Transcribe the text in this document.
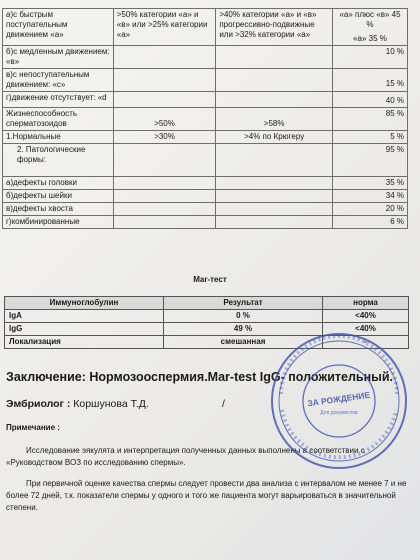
а)с быстрым поступательным движением «а»	>50% категории «а» и «в» или >25% категории «а»	>40% категории «а» и «в» прогрессивно-подвижные или >32% категории «а»	«а» плюс «в» 45 %
«а» 35 %

б)с медленным движением: «в»			10 %
в)с непоступательным движением: «с»			15 %
г)движение отсутствует: «d			40 %
Жизнеспособность сперматозоидов	>50%	>58%	85 %
1.Нормальные	>30%	>4% по Крюгеру	5 %
2. Патологические формы:			95 %
а)дефекты головки			35 %
б)дефекты шейки			34 %
в)дефекты хвоста			20 %
г)комбинированные			6 %
Mar-тест
Иммуноглобулин	Результат	норма
IgA	0 %	<40%
IgG	49 %	<40%
Локализация	смешанная	-
Заключение: Нормозооспермия.Mar-test IgG- положительный.
Эмбриолог : Коршунова Т.Д.	/
Примечание :
Исследование эякулята и интерпретация полученных данных выполнены в соответствии с «Руководством ВОЗ по исследованию спермы».
При первичной оценке качества спермы следует провести два анализа с интервалом не менее 7 и не более 72 дней, т.к. показатели спермы у одного и того же пациента могут варьироваться в значительной степени.
ЗА РОЖДЕНИЕ
Для документов
